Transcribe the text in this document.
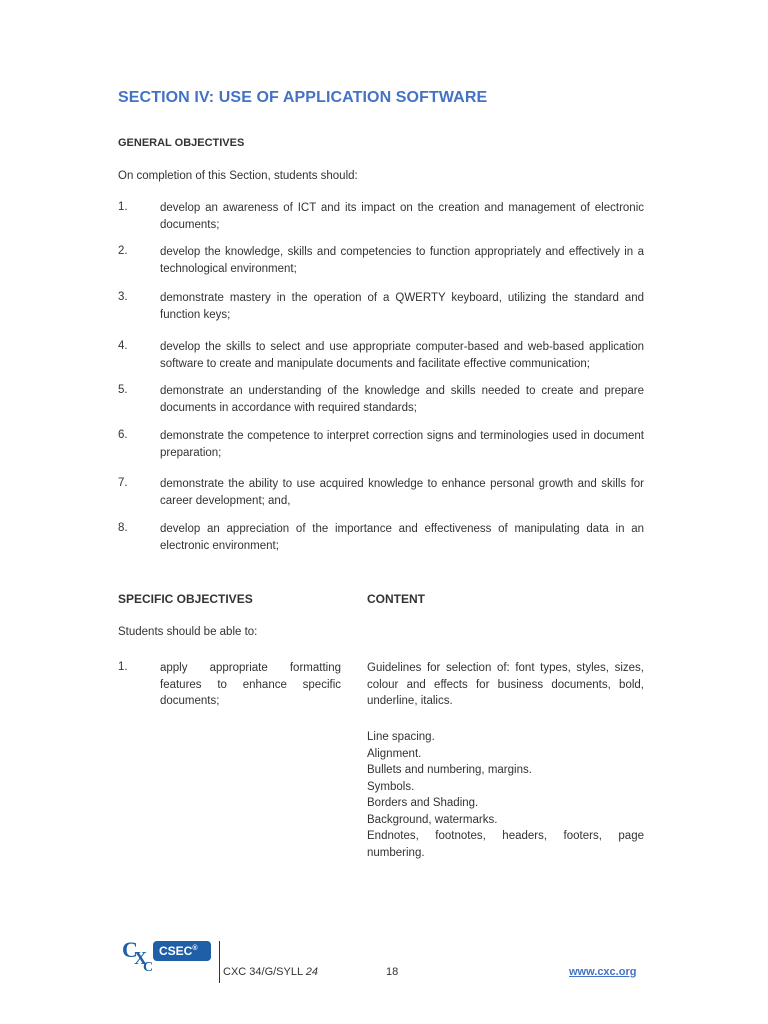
SECTION IV: USE OF APPLICATION SOFTWARE
GENERAL OBJECTIVES
On completion of this Section, students should:
1.	develop an awareness of ICT and its impact on the creation and management of electronic documents;
2.	develop the knowledge, skills and competencies to function appropriately and effectively in a technological environment;
3.	demonstrate mastery in the operation of a QWERTY keyboard, utilizing the standard and function keys;
4.	develop the skills to select and use appropriate computer-based and web-based application software to create and manipulate documents and facilitate effective communication;
5.	demonstrate an understanding of the knowledge and skills needed to create and prepare documents in accordance with required standards;
6.	demonstrate the competence to interpret correction signs and terminologies used in document preparation;
7.	demonstrate the ability to use acquired knowledge to enhance personal growth and skills for career development; and,
8.	develop an appreciation of the importance and effectiveness of manipulating data in an electronic environment;
SPECIFIC OBJECTIVES	CONTENT
Students should be able to:
1.	apply appropriate formatting features to enhance specific documents;
Guidelines for selection of: font types, styles, sizes, colour and effects for business documents, bold, underline, italics.
Line spacing.
Alignment.
Bullets and numbering, margins.
Symbols.
Borders and Shading.
Background, watermarks.
Endnotes, footnotes, headers, footers, page numbering.
C
X
C
CSEC®
CXC 34/G/SYLL 24	18	www.cxc.org
